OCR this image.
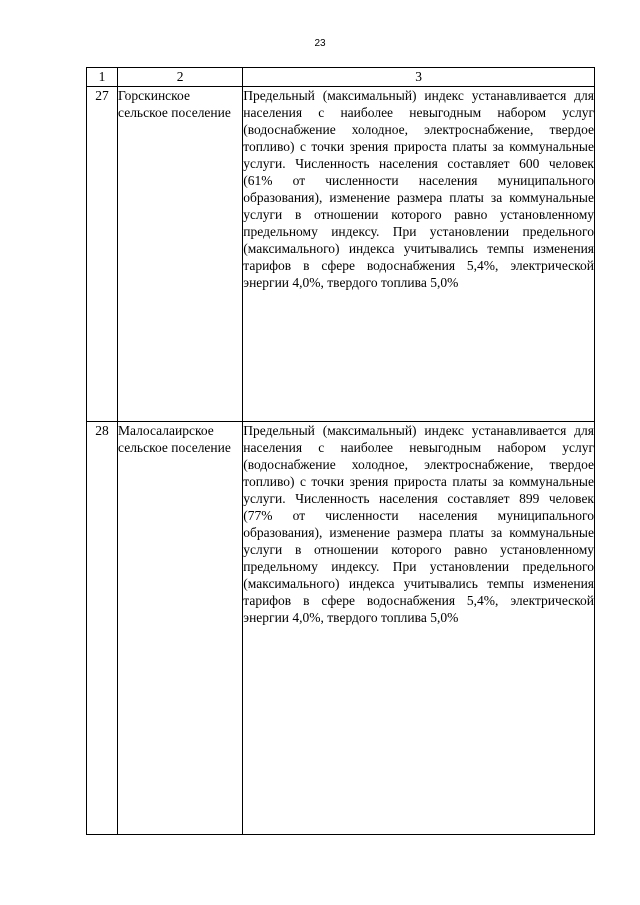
23
1	2	3
27	Горскинское сельское поселение	Предельный (максимальный) индекс устанавливается для населения с наиболее невыгодным набором услуг (водоснабжение холодное, электроснабжение, твердое топливо) с точки зрения прироста платы за коммунальные услуги. Численность населения составляет 600 человек (61% от численности населения муниципального образования), изменение размера платы за коммунальные услуги в отношении которого равно установленному предельному индексу. При установлении предельного (максимального) индекса учитывались темпы изменения тарифов в сфере водоснабжения 5,4%, электрической энергии 4,0%, твердого топлива 5,0%
28	Малосалаирское сельское поселение	Предельный (максимальный) индекс устанавливается для населения с наиболее невыгодным набором услуг (водоснабжение холодное, электроснабжение, твердое топливо) с точки зрения прироста платы за коммунальные услуги. Численность населения составляет 899 человек (77% от численности населения муниципального образования), изменение размера платы за коммунальные услуги в отношении которого равно установленному предельному индексу. При установлении предельного (максимального) индекса учитывались темпы изменения тарифов в сфере водоснабжения 5,4%, электрической энергии 4,0%, твердого топлива 5,0%
